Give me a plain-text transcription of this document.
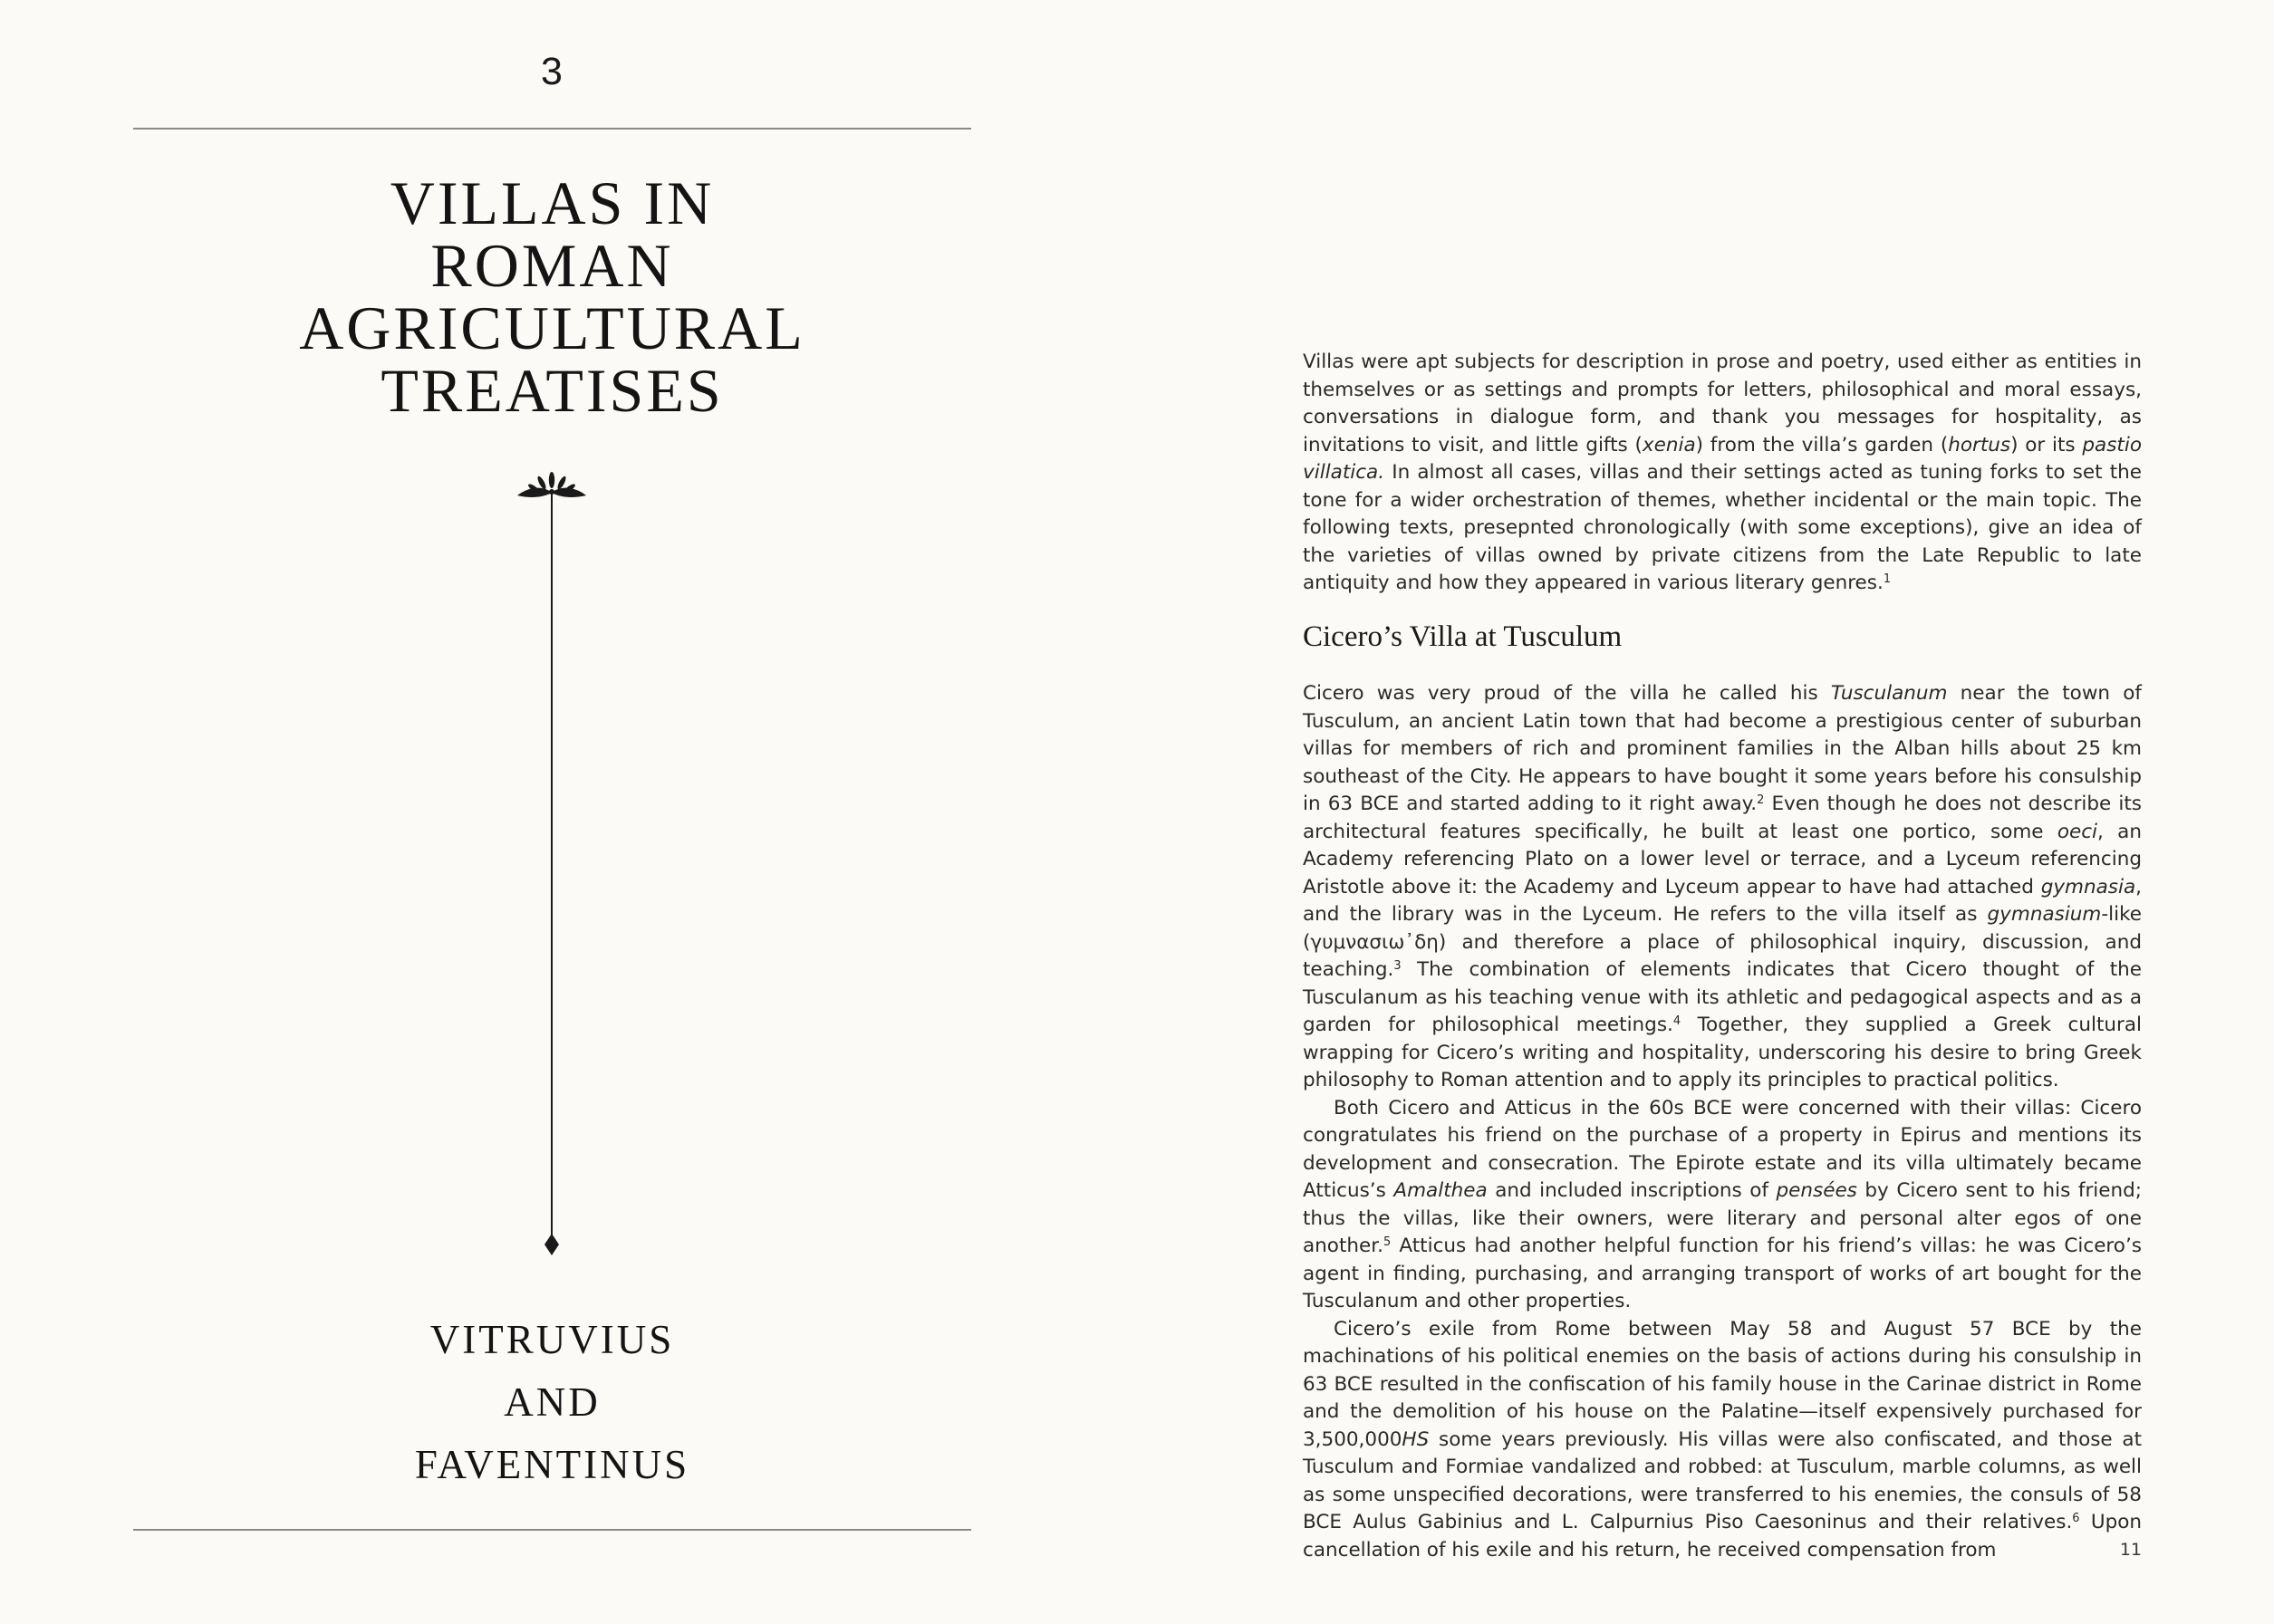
3
VILLAS IN
ROMAN
AGRICULTURAL
TREATISES
VITRUVIUS
AND
FAVENTINUS

Villas were apt subjects for description in prose and poetry, used either as entities in themselves or as settings and prompts for letters, philosophical and moral essays, conversations in dialogue form, and thank you messages for hospitality, as invitations to visit, and little gifts (xenia) from the villa’s garden (hortus) or its pastio villatica. In almost all cases, villas and their settings acted as tuning forks to set the tone for a wider orchestration of themes, whether incidental or the main topic. The following texts, presepnted chronologically (with some exceptions), give an idea of the varieties of villas owned by private citizens from the Late Republic to late antiquity and how they appeared in various literary genres.$^1$

Cicero’s Villa at Tusculum

Cicero was very proud of the villa he called his Tusculanum near the town of Tusculum, an ancient Latin town that had become a prestigious center of suburban villas for members of rich and prominent families in the Alban hills about 25 km southeast of the City. He appears to have bought it some years before his consulship in 63 BCE and started adding to it right away.$^2$ Even though he does not describe its architectural features specifically, he built at least one portico, some oeci, an Academy referencing Plato on a lower level or terrace, and a Lyceum referencing Aristotle above it: the Academy and Lyceum appear to have had attached gymnasia, and the library was in the Lyceum. He refers to the villa itself as gymnasium-like (γυμνασιω᾽δη) and therefore a place of philosophical inquiry, discussion, and teaching.$^3$ The combination of elements indicates that Cicero thought of the Tusculanum as his teaching venue with its athletic and pedagogical aspects and as a garden for philosophical meetings.$^4$ Together, they supplied a Greek cultural wrapping for Cicero’s writing and hospitality, underscoring his desire to bring Greek philosophy to Roman attention and to apply its principles to practical politics.

Both Cicero and Atticus in the 60s BCE were concerned with their villas: Cicero congratulates his friend on the purchase of a property in Epirus and mentions its development and consecration. The Epirote estate and its villa ultimately became Atticus’s Amalthea and included inscriptions of pensées by Cicero sent to his friend; thus the villas, like their owners, were literary and personal alter egos of one another.$^5$ Atticus had another helpful function for his friend’s villas: he was Cicero’s agent in finding, purchasing, and arranging transport of works of art bought for the Tusculanum and other properties.

Cicero’s exile from Rome between May 58 and August 57 BCE by the machinations of his political enemies on the basis of actions during his consulship in 63 BCE resulted in the confiscation of his family house in the Carinae district in Rome and the demolition of his house on the Palatine—itself expensively purchased for 3,500,000HS some years previously. His villas were also confiscated, and those at Tusculum and Formiae vandalized and robbed: at Tusculum, marble columns, as well as some unspecified decorations, were transferred to his enemies, the consuls of 58 BCE Aulus Gabinius and L. Calpurnius Piso Caesoninus and their relatives.$^6$ Upon cancellation of his exile and his return, he received compensation from	11
